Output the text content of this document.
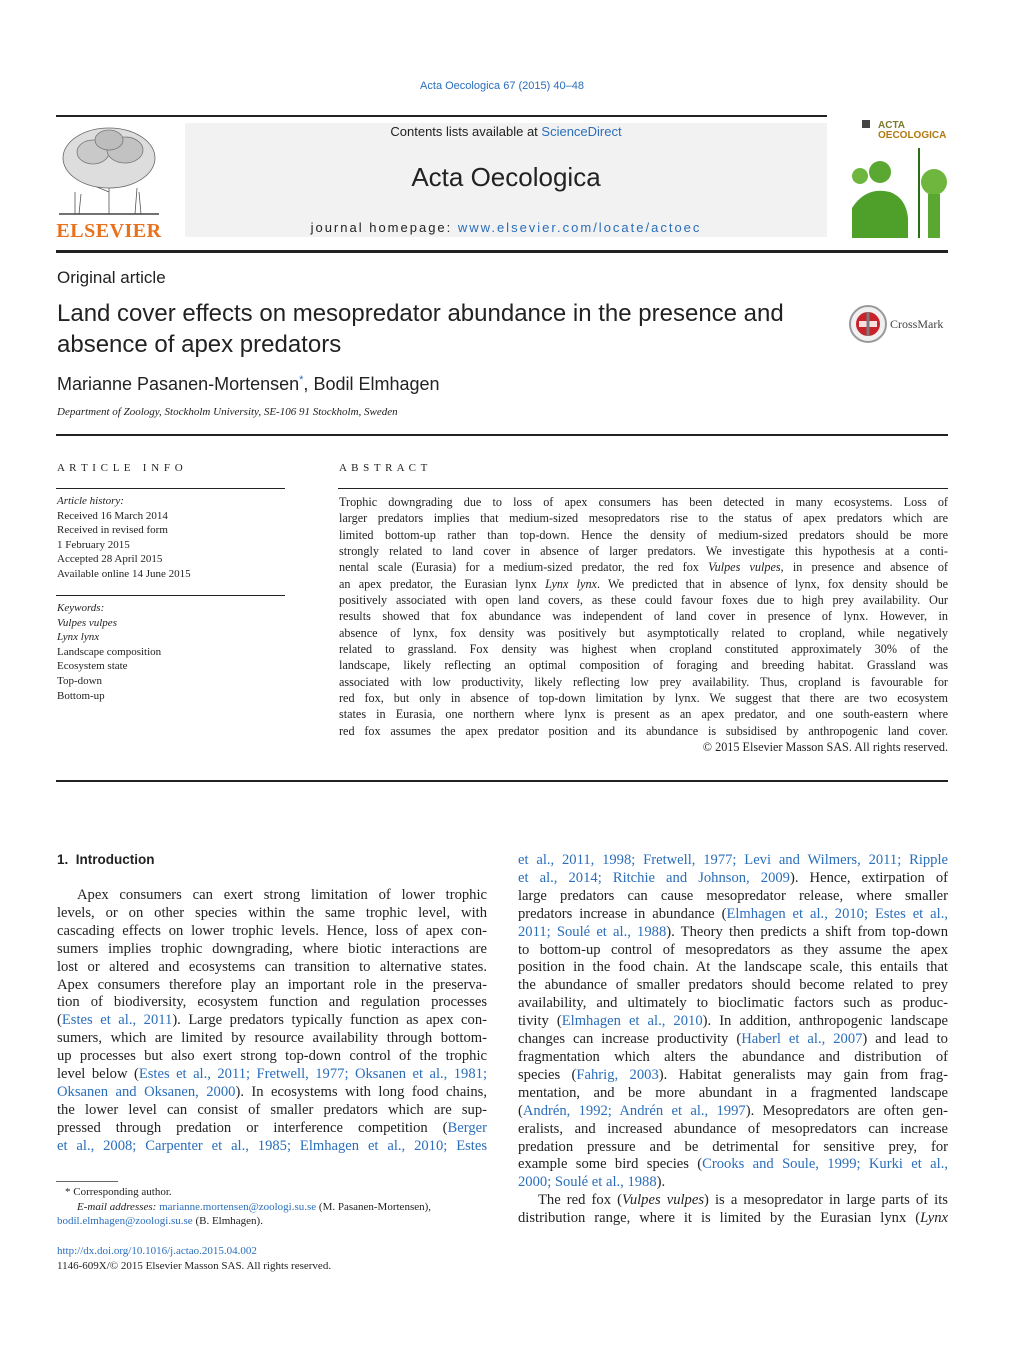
Acta Oecologica 67 (2015) 40–48
ELSEVIER
Contents lists available at ScienceDirect
Acta Oecologica
journal homepage: www.elsevier.com/locate/actoec
ACTA
OECOLOGICA
Original article
Land cover effects on mesopredator abundance in the presence and
absence of apex predators
CrossMark
Marianne Pasanen-Mortensen*, Bodil Elmhagen
Department of Zoology, Stockholm University, SE-106 91 Stockholm, Sweden
A R T I C L E   I N F O
Article history:
Received 16 March 2014
Received in revised form
1 February 2015
Accepted 28 April 2015
Available online 14 June 2015
Keywords:
Vulpes vulpes
Lynx lynx
Landscape composition
Ecosystem state
Top-down
Bottom-up
A B S T R A C T
Trophic downgrading due to loss of apex consumers has been detected in many ecosystems. Loss of
larger predators implies that medium-sized mesopredators rise to the status of apex predators which are
limited bottom-up rather than top-down. Hence the density of medium-sized predators should be more
strongly related to land cover in absence of larger predators. We investigate this hypothesis at a conti-
nental scale (Eurasia) for a medium-sized predator, the red fox Vulpes vulpes, in presence and absence of
an apex predator, the Eurasian lynx Lynx lynx. We predicted that in absence of lynx, fox density should be
positively associated with open land covers, as these could favour foxes due to high prey availability. Our
results showed that fox abundance was independent of land cover in presence of lynx. However, in
absence of lynx, fox density was positively but asymptotically related to cropland, while negatively
related to grassland. Fox density was highest when cropland constituted approximately 30% of the
landscape, likely reflecting an optimal composition of foraging and breeding habitat. Grassland was
associated with low productivity, likely reflecting low prey availability. Thus, cropland is favourable for
red fox, but only in absence of top-down limitation by lynx. We suggest that there are two ecosystem
states in Eurasia, one northern where lynx is present as an apex predator, and one south-eastern where
red fox assumes the apex predator position and its abundance is subsidised by anthropogenic land cover.
© 2015 Elsevier Masson SAS. All rights reserved.
1.  Introduction
Apex consumers can exert strong limitation of lower trophic
levels, or on other species within the same trophic level, with
cascading effects on lower trophic levels. Hence, loss of apex con-
sumers implies trophic downgrading, where biotic interactions are
lost or altered and ecosystems can transition to alternative states.
Apex consumers therefore play an important role in the preserva-
tion of biodiversity, ecosystem function and regulation processes
(Estes et al., 2011). Large predators typically function as apex con-
sumers, which are limited by resource availability through bottom-
up processes but also exert strong top-down control of the trophic
level below (Estes et al., 2011; Fretwell, 1977; Oksanen et al., 1981;
Oksanen and Oksanen, 2000). In ecosystems with long food chains,
the lower level can consist of smaller predators which are sup-
pressed through predation or interference competition (Berger
et al., 2008; Carpenter et al., 1985; Elmhagen et al., 2010; Estes
et al., 2011, 1998; Fretwell, 1977; Levi and Wilmers, 2011; Ripple
et al., 2014; Ritchie and Johnson, 2009). Hence, extirpation of
large predators can cause mesopredator release, where smaller
predators increase in abundance (Elmhagen et al., 2010; Estes et al.,
2011; Soulé et al., 1988). Theory then predicts a shift from top-down
to bottom-up control of mesopredators as they assume the apex
position in the food chain. At the landscape scale, this entails that
the abundance of smaller predators should become related to prey
availability, and ultimately to bioclimatic factors such as produc-
tivity (Elmhagen et al., 2010). In addition, anthropogenic landscape
changes can increase productivity (Haberl et al., 2007) and lead to
fragmentation which alters the abundance and distribution of
species (Fahrig, 2003). Habitat generalists may gain from frag-
mentation, and be more abundant in a fragmented landscape
(Andrén, 1992; Andrén et al., 1997). Mesopredators are often gen-
eralists, and increased abundance of mesopredators can increase
predation pressure and be detrimental for sensitive prey, for
example some bird species (Crooks and Soule, 1999; Kurki et al.,
2000; Soulé et al., 1988).
The red fox (Vulpes vulpes) is a mesopredator in large parts of its
distribution range, where it is limited by the Eurasian lynx (Lynx
* Corresponding author.
E-mail addresses: marianne.mortensen@zoologi.su.se (M. Pasanen-Mortensen),
bodil.elmhagen@zoologi.su.se (B. Elmhagen).
http://dx.doi.org/10.1016/j.actao.2015.04.002
1146-609X/© 2015 Elsevier Masson SAS. All rights reserved.
